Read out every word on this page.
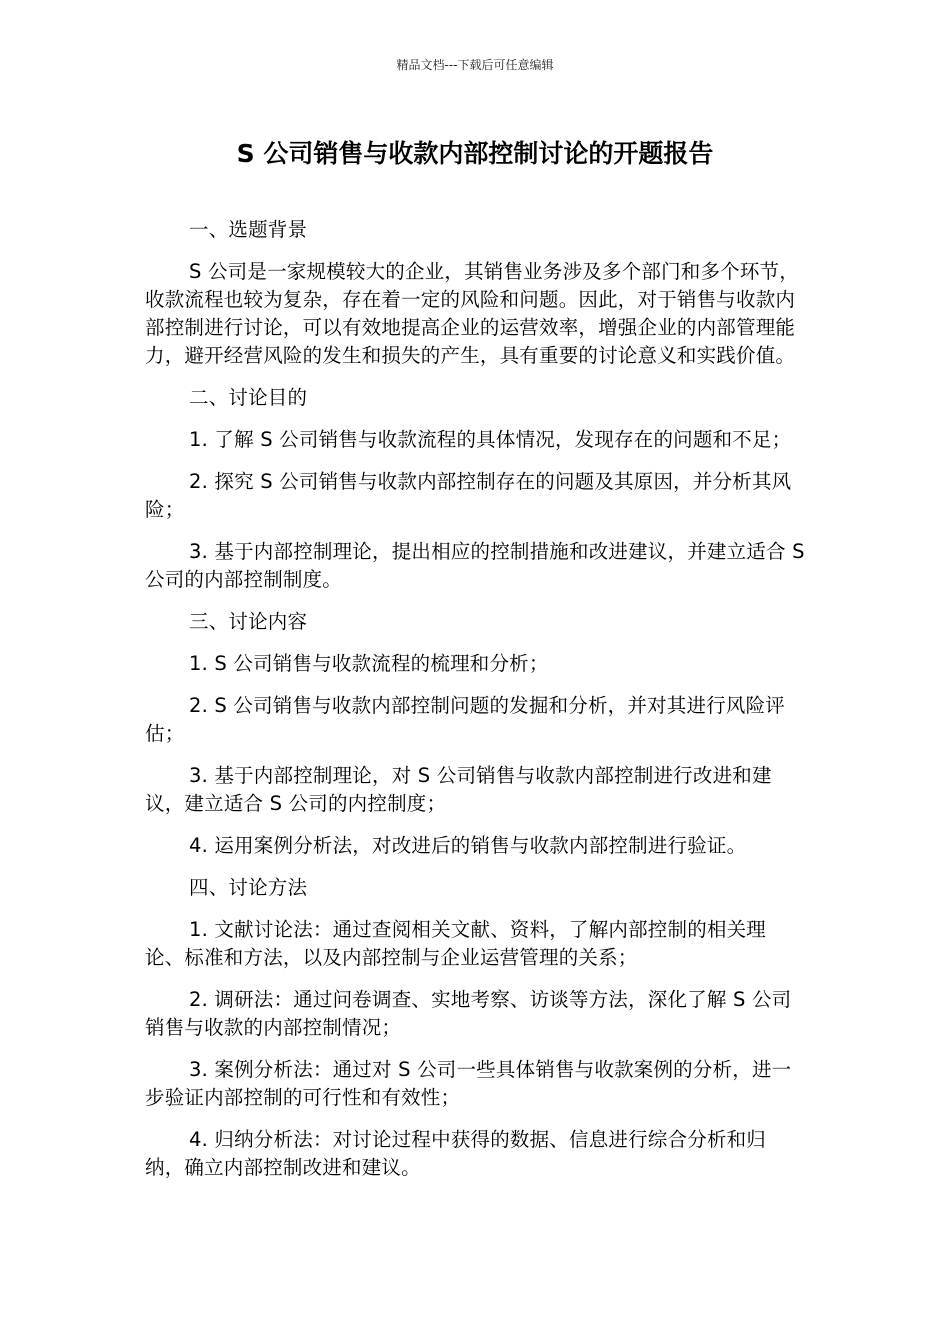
精品文档---下载后可任意编辑
S 公司销售与收款内部控制讨论的开题报告

一、选题背景

S 公司是一家规模较大的企业，其销售业务涉及多个部门和多个环节，收款流程也较为复杂，存在着一定的风险和问题。因此，对于销售与收款内部控制进行讨论，可以有效地提高企业的运营效率，增强企业的内部管理能力，避开经营风险的发生和损失的产生，具有重要的讨论意义和实践价值。

二、讨论目的

1. 了解 S 公司销售与收款流程的具体情况，发现存在的问题和不足；

2. 探究 S 公司销售与收款内部控制存在的问题及其原因，并分析其风险；

3. 基于内部控制理论，提出相应的控制措施和改进建议，并建立适合 S 公司的内部控制制度。

三、讨论内容

1. S 公司销售与收款流程的梳理和分析；

2. S 公司销售与收款内部控制问题的发掘和分析，并对其进行风险评估；

3. 基于内部控制理论，对 S 公司销售与收款内部控制进行改进和建议，建立适合 S 公司的内控制度；

4. 运用案例分析法，对改进后的销售与收款内部控制进行验证。

四、讨论方法

1. 文献讨论法：通过查阅相关文献、资料，了解内部控制的相关理论、标准和方法，以及内部控制与企业运营管理的关系；

2. 调研法：通过问卷调查、实地考察、访谈等方法，深化了解 S 公司销售与收款的内部控制情况；

3. 案例分析法：通过对 S 公司一些具体销售与收款案例的分析，进一步验证内部控制的可行性和有效性；

4. 归纳分析法：对讨论过程中获得的数据、信息进行综合分析和归纳，确立内部控制改进和建议。
